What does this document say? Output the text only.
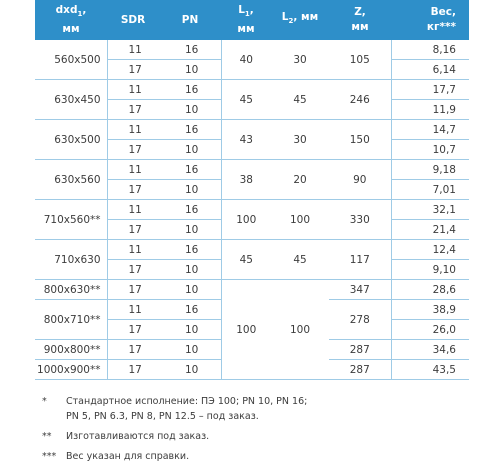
dxd$_1$,
мм	SDR	PN	$L_1$,
мм	$L_2$, мм	Z,
мм	Вес,
кг***
560x500	11	16	40	30	105	8,16
	17	10				6,14
630x450	11	16	45	45	246	17,7
	17	10				11,9
630x500	11	16	43	30	150	14,7
	17	10				10,7
630x560	11	16	38	20	90	9,18
	17	10				7,01
710x560**	11	16	100	100	330	32,1
	17	10				21,4
710x630	11	16	45	45	117	12,4
	17	10				9,10
800x630**	17	10	100	100	347	28,6
800x710**	11	16			278	38,9
	17	10				26,0
900x800**	17	10			287	34,6
1000x900**	17	10			287	43,5
* Стандартное исполнение: ПЭ 100; PN 10, PN 16;
PN 5, PN 6.3, PN 8, PN 12.5 – под заказ.
** Изготавливаются под заказ.
*** Вес указан для справки.
